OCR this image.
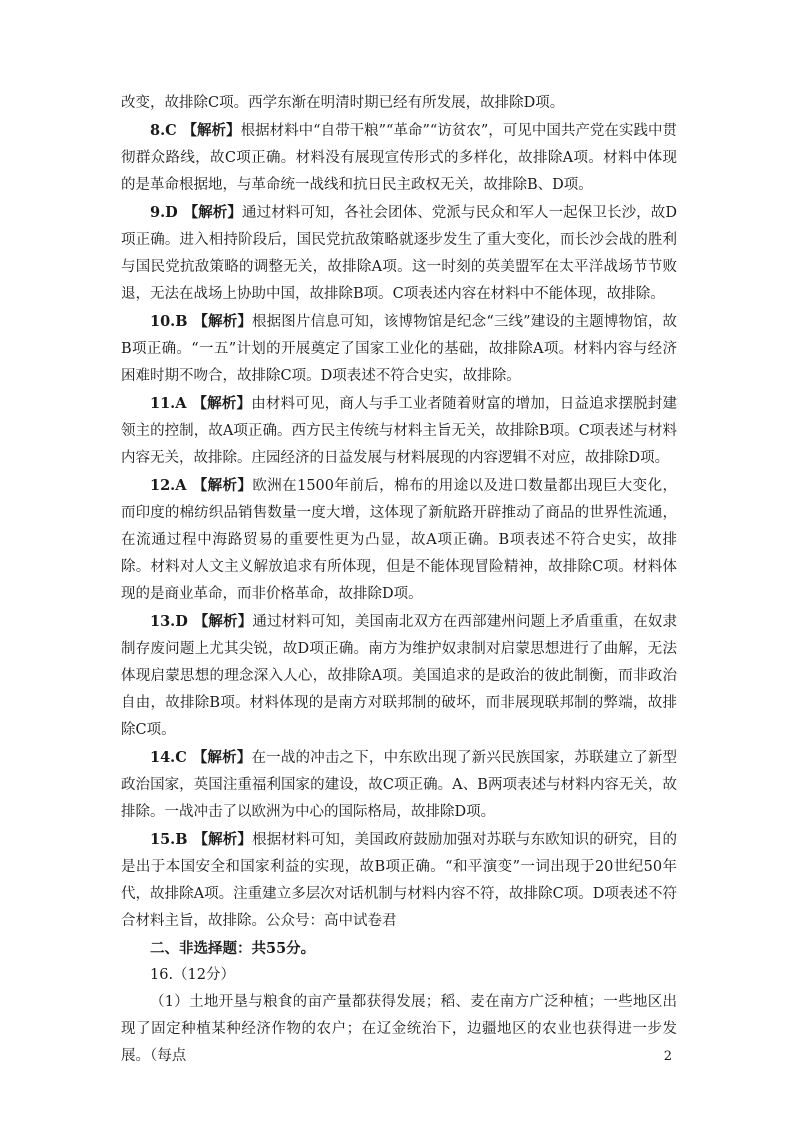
改变，故排除C项。西学东渐在明清时期已经有所发展，故排除D项。

8.C 【解析】根据材料中“自带干粮”“革命”“访贫农”，可见中国共产党在实践中贯彻群众路线，故C项正确。材料没有展现宣传形式的多样化，故排除A项。材料中体现的是革命根据地，与革命统一战线和抗日民主政权无关，故排除B、D项。

9.D 【解析】通过材料可知，各社会团体、党派与民众和军人一起保卫长沙，故D项正确。进入相持阶段后，国民党抗敌策略就逐步发生了重大变化，而长沙会战的胜利与国民党抗敌策略的调整无关，故排除A项。这一时刻的英美盟军在太平洋战场节节败退，无法在战场上协助中国，故排除B项。C项表述内容在材料中不能体现，故排除。

10.B 【解析】根据图片信息可知，该博物馆是纪念“三线”建设的主题博物馆，故B项正确。“一五”计划的开展奠定了国家工业化的基础，故排除A项。材料内容与经济困难时期不吻合，故排除C项。D项表述不符合史实，故排除。

11.A 【解析】由材料可见，商人与手工业者随着财富的增加，日益追求摆脱封建领主的控制，故A项正确。西方民主传统与材料主旨无关，故排除B项。C项表述与材料内容无关，故排除。庄园经济的日益发展与材料展现的内容逻辑不对应，故排除D项。

12.A 【解析】欧洲在1500年前后，棉布的用途以及进口数量都出现巨大变化，而印度的棉纺织品销售数量一度大增，这体现了新航路开辟推动了商品的世界性流通，在流通过程中海路贸易的重要性更为凸显，故A项正确。B项表述不符合史实，故排除。材料对人文主义解放追求有所体现，但是不能体现冒险精神，故排除C项。材料体现的是商业革命，而非价格革命，故排除D项。

13.D 【解析】通过材料可知，美国南北双方在西部建州问题上矛盾重重，在奴隶制存废问题上尤其尖锐，故D项正确。南方为维护奴隶制对启蒙思想进行了曲解，无法体现启蒙思想的理念深入人心，故排除A项。美国追求的是政治的彼此制衡，而非政治自由，故排除B项。材料体现的是南方对联邦制的破坏，而非展现联邦制的弊端，故排除C项。

14.C 【解析】在一战的冲击之下，中东欧出现了新兴民族国家，苏联建立了新型政治国家，英国注重福利国家的建设，故C项正确。A、B两项表述与材料内容无关，故排除。一战冲击了以欧洲为中心的国际格局，故排除D项。

15.B 【解析】根据材料可知，美国政府鼓励加强对苏联与东欧知识的研究，目的是出于本国安全和国家利益的实现，故B项正确。“和平演变”一词出现于20世纪50年代，故排除A项。注重建立多层次对话机制与材料内容不符，故排除C项。D项表述不符合材料主旨，故排除。公众号：高中试卷君

二、非选择题：共55分。

16.（12分）

（1）土地开垦与粮食的亩产量都获得发展；稻、麦在南方广泛种植；一些地区出现了固定种植某种经济作物的农户；在辽金统治下，边疆地区的农业也获得进一步发展。（每点	2
